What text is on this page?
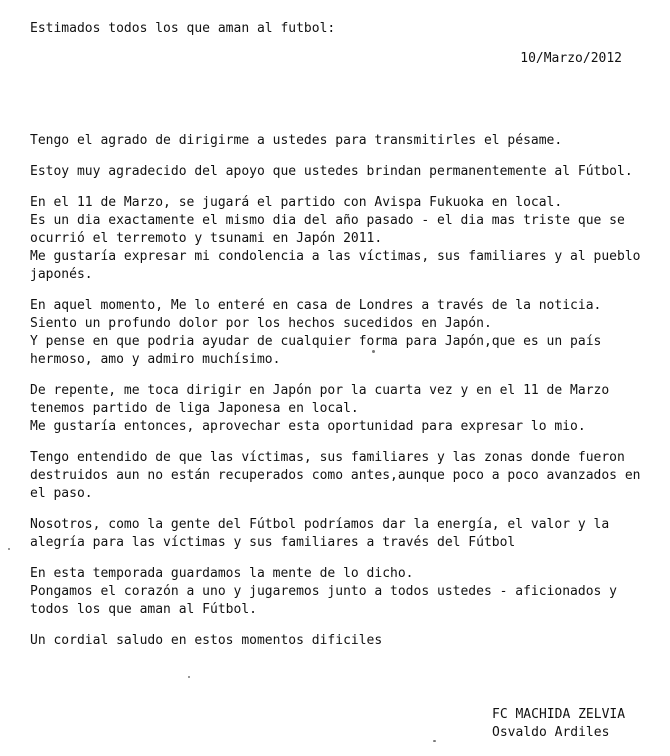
Estimados todos los que aman al futbol:

10/Marzo/2012

Tengo el agrado de dirigirme a ustedes para transmitirles el pésame.

Estoy muy agradecido del apoyo que ustedes brindan permanentemente al Fútbol.

En el 11 de Marzo, se jugará el partido con Avispa Fukuoka en local.
Es un dia exactamente el mismo dia del año pasado - el dia mas triste que se
ocurrió el terremoto y tsunami en Japón 2011.
Me gustaría expresar mi condolencia a las víctimas, sus familiares y al pueblo
japonés.

En aquel momento, Me lo enteré en casa de Londres a través de la noticia.
Siento un profundo dolor por los hechos sucedidos en Japón.
Y pense en que podria ayudar de cualquier forma para Japón,que es un país
hermoso, amo y admiro muchísimo.

De repente, me toca dirigir en Japón por la cuarta vez y en el 11 de Marzo
tenemos partido de liga Japonesa en local.
Me gustaría entonces, aprovechar esta oportunidad para expresar lo mio.

Tengo entendido de que las víctimas, sus familiares y las zonas donde fueron
destruidos aun no están recuperados como antes,aunque poco a poco avanzados en
el paso.

Nosotros, como la gente del Fútbol podríamos dar la energía, el valor y la
alegría para las víctimas y sus familiares a través del Fútbol

En esta temporada guardamos la mente de lo dicho.
Pongamos el corazón a uno y jugaremos junto a todos ustedes - aficionados y
todos los que aman al Fútbol.

Un cordial saludo en estos momentos dificiles

FC MACHIDA ZELVIA
Osvaldo Ardiles
